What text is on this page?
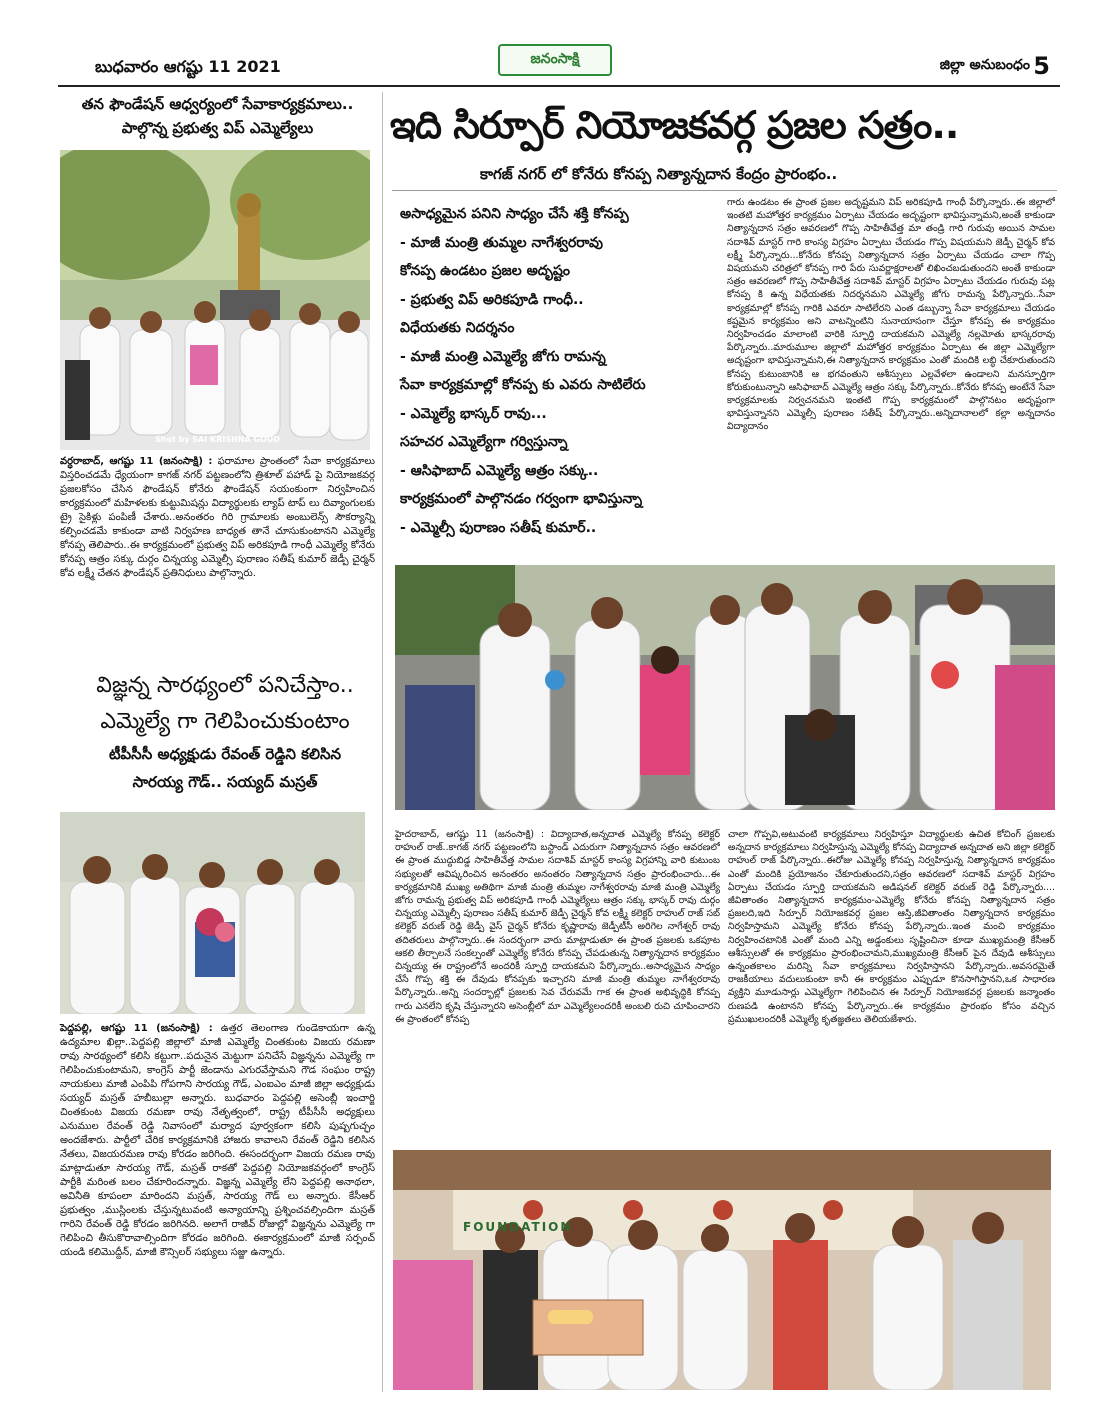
బుధవారం ఆగష్టు 11 2021	జనంసాక్షి	జిల్లా అనుబంధం 5
తన ఫౌండేషన్ ఆధ్వర్యంలో సేవాకార్యక్రమాలు..
పాల్గొన్న ప్రభుత్వ విప్ ఎమ్మెల్యేలు
Shot by SAI KRISHNA GOUD
వర్ధరాబాద్, ఆగష్టు 11 (జనంసాక్షి) : ఫరామాల ప్రాంతంలో సేవా కార్యక్రమాలు విస్తరించడమే ధ్యేయంగా కాగజ్ నగర్ పట్టణంలోని త్రిశూల్ పహాడ్ పై నియోజకవర్గ ప్రజలకోసం చేసిన ఫౌండేషన్ కోనేరు ఫౌండేషన్ సయంకుంగా నిర్వహించిన కార్యక్రమంలో మహిళలకు కుట్టుమిషన్లు విద్యార్థులకు ల్యాప్ టాప్ లు దివ్యాంగులకు ట్రై సైకిళ్లు పంపిణీ చేశారు..అనంతరం గిరి గ్రామాలకు అంబులెన్స్ సౌకర్యాన్ని కల్పించడమే కాకుండా వాటి నిర్వహణ బాధ్యత తానే చూసుకుంటానని ఎమ్మెల్యే కోనప్ప తెలిపారు..ఈ కార్యక్రమంలో ప్రభుత్వ విప్ అరికపూడి గాంధీ ఎమ్మెల్యే కోనేరు కోనప్ప ఆత్రం సక్కు దుర్గం చిన్నయ్య ఎమ్మెల్సీ పురాణం సతీష్ కుమార్ జెడ్పీ చైర్మన్ కోవ లక్ష్మీ చేతన ఫౌండేషన్ ప్రతినిధులు పాల్గొన్నారు.
విజ్ఞన్న సారథ్యంలో పనిచేస్తాం..
ఎమ్మెల్యే గా గెలిపించుకుంటాం
టీపీసీసీ అధ్యక్షుడు రేవంత్ రెడ్డిని కలిసిన
సారయ్య గౌడ్.. సయ్యద్ మస్రత్
పెద్దపల్లి, ఆగష్టు 11 (జనంసాక్షి) : ఉత్తర తెలంగాణ గుండెకాయగా ఉన్న ఉద్యమాల ఖిల్లా..పెద్దపల్లి జిల్లాలో మాజీ ఎమ్మెల్యే చింతకుంట విజయ రమణా రావు సారథ్యంలో కలిసి కట్టుగా..పదునైన మెట్టుగా పనిచేసే విజ్ఞన్నను ఎమ్మెల్యే గా గెలిపించుకుంటామని, కాంగ్రెస్ పార్టీ జెండాను ఎగురవేస్తామని గౌడ సంఘం రాష్ట్ర నాయకులు మాజీ ఎంపిపి గోపగాని సారయ్య గౌడ్, ఎంఐఎం మాజీ జిల్లా అధ్యక్షుడు సయ్యద్ మస్రత్ హబీబుల్లా అన్నారు. బుధవారం పెద్దపల్లి అసెంబ్లీ ఇంచార్జి చింతకుంట విజయ రమణా రావు నేతృత్వంలో, రాష్ట్ర టీపీసీసీ అధ్యక్షులు ఎనుముల రేవంత్ రెడ్డి నివాసంలో మర్యాద పూర్వకంగా కలిసి పుష్పగుచ్ఛం అందజేశారు. పార్టీలో చేరిక కార్యక్రమానికి హాజరు కావాలని రేవంత్ రెడ్డిని కలిసిన నేతలు, విజయరమణ రావు కోరడం జరిగింది. ఈసందర్భంగా విజయ రమణ రావు మాట్లాడుతూ సారయ్య గౌడ్, మస్రత్ రాకతో పెద్దపల్లి నియోజకవర్గంలో కాంగ్రెస్ పార్టీకి మరింత బలం చేకూరిందన్నారు. విజ్ఞన్న ఎమ్మెల్యే లేని పెద్దపల్లి అనాథలా, అవినీతి కూపంలా మారిందని మస్రత్, సారయ్య గౌడ్ లు అన్నారు. కేసీఆర్ ప్రభుత్వం ,ముస్లింలకు చేస్తున్నటువంటి అన్యాయాన్ని ప్రశ్నించవల్సిందిగా మస్రత్ గారిని రేవంత్ రెడ్డి కోరడం జరిగినది. అలాగే రాజీవ్ రోజుల్లో విజ్ఞన్నను ఎమ్మెల్యే గా గెలిపించి తీసుకొరావాల్సిందిగా కోరడం జరిగింది. ఈకార్యక్రమంలో మాజీ సర్పంచ్ యండి కలిమొద్దీన్, మాజీ కౌన్సిలర్ సభ్యులు సజ్జు ఉన్నారు.
ఇది సిర్పూర్ నియోజకవర్గ ప్రజల సత్రం..
కాగజ్ నగర్ లో కోనేరు కోనప్ప నిత్యాన్నదాన కేంద్రం ప్రారంభం..
అసాధ్యమైన పనిని సాధ్యం చేసే శక్తి కోనప్ప
- మాజీ మంత్రి తుమ్మల నాగేశ్వరరావు
కోనప్ప ఉండటం ప్రజల అదృష్టం
- ప్రభుత్వ విప్ అరికపూడి గాంధీ..
విధేయతకు నిదర్శనం
- మాజీ మంత్రి ఎమ్మెల్యే జోగు రామన్న
సేవా కార్యక్రమాల్లో కోనప్ప కు ఎవరు సాటిలేరు
- ఎమ్మెల్యే భాస్కర్ రావు...
సహచర ఎమ్మెల్యేగా గర్విస్తున్నా
- ఆసిఫాబాద్ ఎమ్మెల్యే ఆత్రం సక్కు..
కార్యక్రమంలో పాల్గొనడం గర్వంగా భావిస్తున్నా
- ఎమ్మెల్సీ పురాణం సతీష్ కుమార్..
గారు ఉండటం ఈ ప్రాంత ప్రజల అదృష్టమని విప్ అరికపూడి గాంధీ పేర్కొన్నారు..ఈ జిల్లాలో ఇంతటి మహోత్తర కార్యక్రమం ఏర్పాటు చేయడం అదృష్టంగా భావిస్తున్నామని,అంతే కాకుండా నిత్యాన్నదాన సత్రం ఆవరణలో గొప్ప సాహితీవేత్త మా తండ్రి గారి గురువు అయిన సామల సదాశివ్ మాస్టర్ గారి కాంస్య విగ్రహం ఏర్పాటు చేయడం గొప్ప విషయమని జెడ్పీ చైర్మన్ కోవ లక్ష్మీ పేర్కొన్నారు...కోనేరు కోనప్ప నిత్యాన్నదాన సత్రం ఏర్పాటు చేయడం చాలా గొప్ప విషయమని చరిత్రలో కోనప్ప గారి పేరు సువర్ణాక్షరాలతో లిఖించబడుతుందని అంతే కాకుండా సత్రం ఆవరణలో గొప్ప సాహితీవేత్త సదాశివ్ మాస్టర్ విగ్రహం ఏర్పాటు చేయడం గురువు పట్ల కోనప్ప కి ఉన్న విధేయతకు నిదర్శనమని ఎమ్మెల్యే జోగు రామన్న పేర్కొన్నారు..సేవా కార్యక్రమాల్లో కోనప్ప గారికి ఎవరూ సాటిలేరని ఎంత డబ్బున్నా సేవా కార్యక్రమాలు చేయడం కష్టమైన కార్యక్రమం అని వాటన్నింటిని సునాయాసంగా చేస్తూ కోనప్ప ఈ కార్యక్రమం నిర్వహించడం మాలాంటి వారికి స్ఫూర్తి దాయకమని ఎమ్మెల్యే నల్లమోతు భాస్కరరావు పేర్కొన్నారు..మారుమూల జిల్లాలో మహోత్తర కార్యక్రమం ఏర్పాటు ఈ జిల్లా ఎమ్మెల్యేగా అదృష్టంగా భావిస్తున్నామని,ఈ నిత్యాన్నదాన కార్యక్రమం ఎంతో మందికి లబ్ధి చేకూరుతుందని కోనప్ప కుటుంబానికి ఆ భగవంతుని ఆశీస్సులు ఎల్లవేళలా ఉండాలని మనస్ఫూర్తిగా కోరుకుంటున్నాని ఆసిఫాబాద్ ఎమ్మెల్యే ఆత్రం సక్కు పేర్కొన్నారు..కోనేరు కోనప్ప అంటేనే సేవా కార్యక్రమాలకు నిర్వచనమని ఇంతటి గొప్ప కార్యక్రమంలో పాల్గొనటం అదృష్టంగా భావిస్తున్నానని ఎమ్మెల్సీ పురాణం సతీష్ పేర్కొన్నారు..అన్నిదానాలలో కల్లా అన్నదానం విద్యాదానం
హైదరాబాద్, ఆగష్టు 11 (జనంసాక్షి) : విద్యాదాత,అన్నదాత ఎమ్మెల్యే కోనప్ప కలెక్టర్ రాహుల్ రాజ్..కాగజ్ నగర్ పట్టణంలోని బస్టాండ్ ఎదురుగా నిత్యాన్నదాన సత్రం ఆవరణలో ఈ ప్రాంత ముద్దుబిడ్డ సాహితీవేత్త సామల సదాశివ్ మాస్టర్ కాంస్య విగ్రహాన్ని వారి కుటుంబ సభ్యులతో ఆవిష్కరించిన అనంతరం అనంతరం నిత్యాన్నదాన సత్రం ప్రారంభించారు...ఈ కార్యక్రమానికి ముఖ్య అతిథిగా మాజీ మంత్రి తుమ్మల నాగేశ్వరరావు మాజీ మంత్రి ఎమ్మెల్యే జోగు రామన్న ప్రభుత్వ విప్ అరికపూడి గాంధీ ఎమ్మెల్యేలు ఆత్రం సక్కు భాస్కర్ రావు దుర్గం చిన్నయ్య ఎమ్మెల్సీ పురాణం సతీష్ కుమార్ జెడ్పీ చైర్మన్ కోవ లక్ష్మీ కలెక్టర్ రాహుల్ రాజ్ సబ్ కలెక్టర్ వరుణ్ రెడ్డి జెడ్పీ వైస్ చైర్మన్ కోనేరు కృష్ణారావు జెడ్పీటీసీ అరిగెల నాగేశ్వర్ రావు తదితరులు పాల్గొన్నారు..ఈ సందర్భంగా వారు మాట్లాడుతూ ఈ ప్రాంత ప్రజలకు ఒకపూట ఆకలి తీర్చాలనే సంకల్పంతో ఎమ్మెల్యే కోనేరు కోనప్ప చేపడుతున్న నిత్యాన్నదాన కార్యక్రమం చిన్నయ్య ఈ రాష్ట్రంలోనే అందరికీ స్ఫూర్తి దాయకమని పేర్కొన్నారు..అసాధ్యమైన సాధ్యం చేసే గొప్ప శక్తి ఈ దేవుడు కోనప్పకు ఇచ్చారని మాజీ మంత్రి తుమ్మల నాగేశ్వరరావు పేర్కొన్నారు..అన్ని సందర్భాల్లో ప్రజలకు సెవ చేరువమే గాక ఈ ప్రాంత అభివృద్ధికి కోనప్ప గారు ఎనలేని కృషి చేస్తున్నారని అసెంబ్లీలో మా ఎమ్మెల్యేలందరికీ అంబలి రుచి చూపించారని ఈ ప్రాంతంలో కోనప్ప
చాలా గొప్పవి,అటువంటి కార్యక్రమాలు నిర్వహిస్తూ విద్యార్థులకు ఉచిత కోచింగ్ ప్రజలకు అన్నదాన కార్యక్రమాలు నిర్వహిస్తున్న ఎమ్మెల్యే కోనప్ప విద్యాదాత అన్నదాత అని జిల్లా కలెక్టర్ రాహుల్ రాజ్ పేర్కొన్నారు..ఈరోజు ఎమ్మెల్యే కోనప్ప నిర్వహిస్తున్న నిత్యాన్నదాన కార్యక్రమం ఎంతో మందికి ప్రయోజనం చేకూరుతుందని,సత్రం ఆవరణలో సదాశివ్ మాస్టర్ విగ్రహం ఏర్పాటు చేయడం స్ఫూర్తి దాయకమని అడిషనల్ కలెక్టర్ వరుణ్ రెడ్డి పేర్కొన్నారు.... జీవితాంతం నిత్యాన్నదాన కార్యక్రమం-ఎమ్మెల్యే కోనేరు కోనప్ప నిత్యాన్నదాన సత్రం ప్రజలది,ఇది సిర్పూర్ నియోజకవర్గ ప్రజల ఆస్తి,జీవితాంతం నిత్యాన్నదాన కార్యక్రమం నిర్వహిస్తామని ఎమ్మెల్యే కోనేరు కోనప్ప పేర్కొన్నారు..ఇంత మంచి కార్యక్రమం నిర్వహించటానికి ఎంతో మంది ఎన్ని అడ్డంకులు సృష్టించినా కూడా ముఖ్యమంత్రి కేసీఆర్ ఆశీస్సులతో ఈ కార్యక్రమం ప్రారంభించామని,ముఖ్యమంత్రి కేసీఆర్ పైన దేవుడి ఆశీస్సులు ఉన్నంతకాలం మరిన్ని సేవా కార్యక్రమాలు నిర్వహిస్తానని పేర్కొన్నారు..అవసరమైతే రాజకీయాలు వదులుకుంటా కానీ ఈ కార్యక్రమం ఎప్పుడూ కొనసాగిస్తానని,ఒక సాధారణ వ్యక్తిని మూడుసార్లు ఎమ్మెల్యేగా గెలిపించిన ఈ సిర్పూర్ నియోజకవర్గ ప్రజలకు జన్మాంతం రుణపడి ఉంటానని కోనప్ప పేర్కొన్నారు..ఈ కార్యక్రమం ప్రారంభం కోసం వచ్చిన ప్రముఖులందరికీ ఎమ్మెల్యే కృతజ్ఞతలు తెలియజేశారు.
FOUNDATION
